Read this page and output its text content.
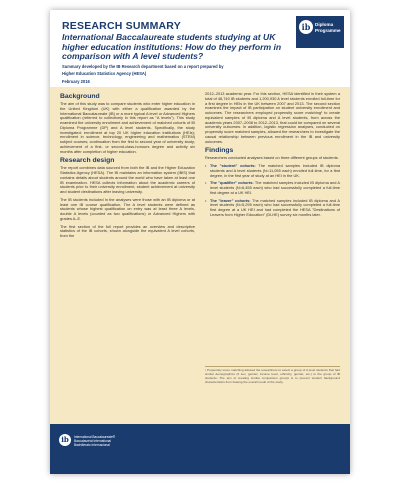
RESEARCH SUMMARY
International Baccalaureate students studying at UK higher education institutions: How do they perform in comparison with A level students?
Summary developed by the IB Research department based on a report prepared by
Higher Education Statistics Agency (HESA)
February 2016
ib	Diploma
Programme
Background

The aim of this study was to compare students who enter higher education in the United Kingdom (UK) with either a qualification awarded by the International Baccalaureate (IB) or a more typical A level or Advanced Highers qualification (referred to collectively in this report as "A levels"). This study examined the university enrollment and achievement of matched cohorts of IB Diploma Programme (DP) and A level students. Specifically, the study investigated: enrollment at top 20 UK higher education institutions (HEIs); enrollment in science, technology, engineering and mathematics (STEM) subject courses; continuation from the first to second year of university study; achievement of a first- or second-class-honours degree and activity six months after completion of higher education.

Research design

The report combines data sourced from both the IB and the Higher Education Statistics Agency (HESA). The IB maintains an information system (IBIS) that contains details about students around the world who have taken at least one IB examination. HESA collects information about the academic careers of students prior to their university enrollment, student achievement at university and student destinations after leaving university.

The IB students included in the analyses were those with an IB diploma or at least one IB course qualification. The A level students were defined as students whose highest qualification on entry was at least three A levels, double A levels (counted as two qualifications) or Advanced Highers with grades A–E.

The first section of the full report provides an overview and descriptive statistics of the IB cohorts, shown alongside the equivalent A level cohorts, from the

2012–2013 academic year. For this section, HESA identified in their system a total of 48,740 IB students and 1,200,930 A level students enrolled full-time for a first degree in HEIs in the UK between 2007 and 2013. The second section examines the impact of IB participation on student university enrollment and outcomes. The researchers employed propensity score matching¹ to create equivalent samples of IB diploma and A level students, from across the academic years 2007–2008 to 2012–2013, that could be compared on several university outcomes. In addition, logistic regression analyses, conducted on propensity score matched samples, allowed the researchers to investigate the causal relationship between previous enrollment in the IB and university outcomes.

Findings

Researchers conducted analyses based on three different groups of students.

• The "student" cohorts: The matched samples included IB diploma students and A level students (N=11,055 each) enrolled full-time, for a first degree, in the first year of study at an HEI in the UK.

• The "qualifier" cohorts: The matched samples included IB diploma and A level students (N=6,455 each) who had successfully completed a full-time first degree at a UK HEI.

• The "leaver" cohorts: The matched samples included IB diploma and A level students (N=5,295 each) who had successfully completed a full-time first degree at a UK HEI and had completed the HESA "Destinations of Leavers from Higher Education" (DLHE) survey six months later.

¹ Propensity score matching allowed the researchers to select a group of A level students that had similar demographics (if sex, gender, income level, ethnicity, gender, etc.) to the group of IB students. The aim of creating similar comparison groups is to prevent student background characteristics from biasing the overall result of the study.
ib	International Baccalaureate®
Baccalauréat International
Bachillerato Internacional
